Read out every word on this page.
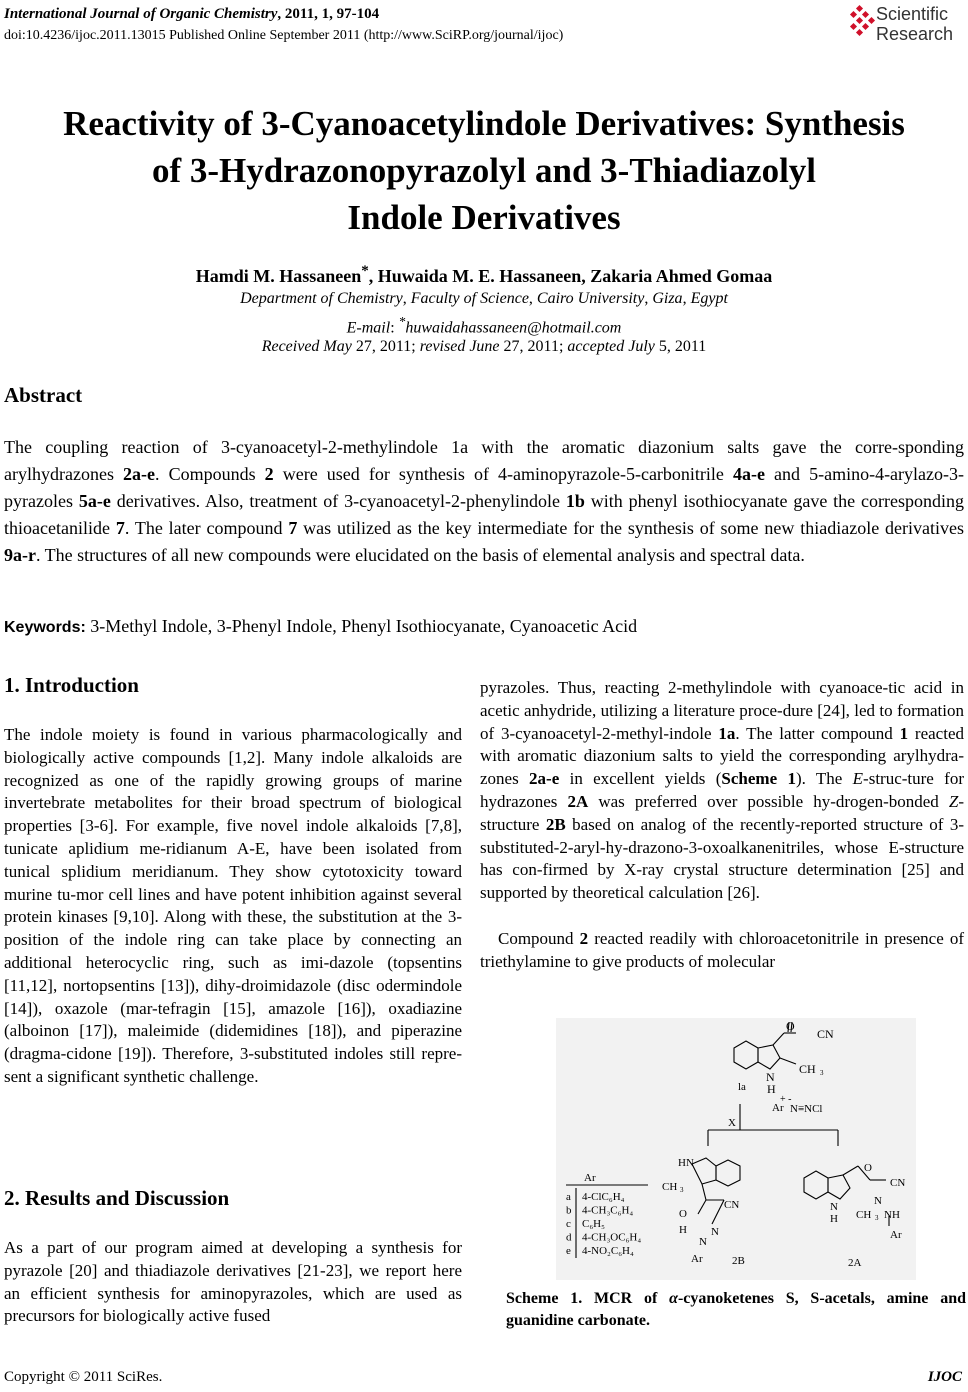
International Journal of Organic Chemistry, 2011, 1, 97-104
doi:10.4236/ijoc.2011.13015 Published Online September 2011 (http://www.SciRP.org/journal/ijoc)
Scientific
Research
Reactivity of 3-Cyanoacetylindole Derivatives: Synthesis
of 3-Hydrazonopyrazolyl and 3-Thiadiazolyl
Indole Derivatives
Hamdi M. Hassaneen*, Huwaida M. E. Hassaneen, Zakaria Ahmed Gomaa
Department of Chemistry, Faculty of Science, Cairo University, Giza, Egypt
E-mail: *huwaidahassaneen@hotmail.com
Received May 27, 2011; revised June 27, 2011; accepted July 5, 2011
Abstract
The coupling reaction of 3-cyanoacetyl-2-methylindole 1a with the aromatic diazonium salts gave the corre-sponding arylhydrazones 2a-e. Compounds 2 were used for synthesis of 4-aminopyrazole-5-carbonitrile 4a-e and 5-amino-4-arylazo-3-pyrazoles 5a-e derivatives. Also, treatment of 3-cyanoacetyl-2-phenylindole 1b with phenyl isothiocyanate gave the corresponding thioacetanilide 7. The later compound 7 was utilized as the key intermediate for the synthesis of some new thiadiazole derivatives 9a-r. The structures of all new compounds were elucidated on the basis of elemental analysis and spectral data.
Keywords: 3-Methyl Indole, 3-Phenyl Indole, Phenyl Isothiocyanate, Cyanoacetic Acid
1. Introduction
The indole moiety is found in various pharmacologically and biologically active compounds [1,2]. Many indole alkaloids are recognized as one of the rapidly growing groups of marine invertebrate metabolites for their broad spectrum of biological properties [3-6]. For example, five novel indole alkaloids [7,8], tunicate aplidium me-ridianum A-E, have been isolated from tunical splidium meridianum. They show cytotoxicity toward murine tu-mor cell lines and have potent inhibition against several protein kinases [9,10]. Along with these, the substitution at the 3-position of the indole ring can take place by connecting an additional heterocyclic ring, such as imi-dazole (topsentins [11,12], nortopsentins [13]), dihy-droimidazole (disc odermindole [14]), oxazole (mar-tefragin [15], amazole [16]), oxadiazine (alboinon [17]), maleimide (didemidines [18]), and piperazine (dragma-cidone [19]). Therefore, 3-substituted indoles still repre-sent a significant synthetic challenge.
2. Results and Discussion
As a part of our program aimed at developing a synthesis for pyrazole [20] and thiadiazole derivatives [21-23], we report here an efficient synthesis for aminopyrazoles, which are used as precursors for biologically active fused
pyrazoles. Thus, reacting 2-methylindole with cyanoace-tic acid in acetic anhydride, utilizing a literature proce-dure [24], led to formation of 3-cyanoacetyl-2-methyl-indole 1a. The latter compound 1 reacted with aromatic diazonium salts to yield the corresponding arylhydra-zones 2a-e in excellent yields (Scheme 1). The E-struc-ture for hydrazones 2A was preferred over possible hy-drogen-bonded Z-structure 2B based on analog of the recently-reported structure of 3-substituted-2-aryl-hy-drazono-3-oxoalkanenitriles, whose E-structure has con-firmed by X-ray crystal structure determination [25] and supported by theoretical calculation [26].
Compound 2 reacted readily with chloroacetonitrile in presence of triethylamine to give products of molecular
O
CN
N
H
CH 3
la
+ -
Ar N≡NCl
X
HN
CH 3
CN
O
H N
N
Ar	2B
Ar
a 4-ClC₆H₄
b 4-CH₃C₆H₄
c C₆H₅
d 4-CH₃OC₆H₄
e 4-NO₂C₆H₄
O
CN
N
H CH 3
N
NH
Ar
2A
Scheme 1. MCR of α-cyanoketenes S, S-acetals, amine and guanidine carbonate.
Copyright © 2011 SciRes.	IJOC
